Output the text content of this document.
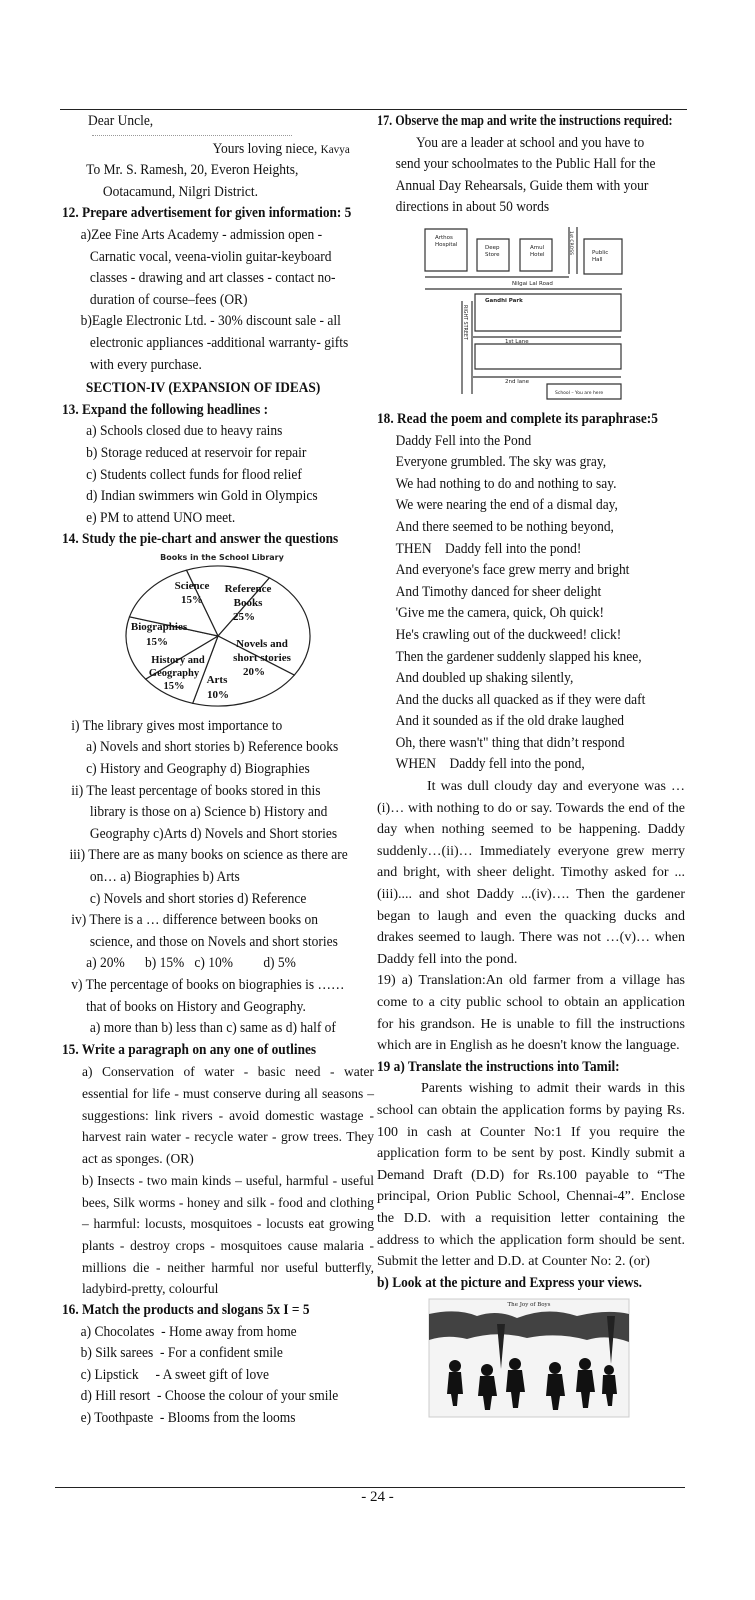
Dear Uncle,
Yours loving niece, Kavya
To Mr. S. Ramesh, 20, Everon Heights,
Ootacamund, Nilgri District.
12. Prepare advertisement for given information: 5
a)Zee Fine Arts Academy - admission open -
Carnatic vocal, veena-violin guitar-keyboard
classes - drawing and art classes - contact no-
duration of course–fees (OR)
b)Eagle Electronic Ltd. - 30% discount sale - all
electronic appliances -additional warranty- gifts
with every purchase.
SECTION-IV (EXPANSION OF IDEAS)
13. Expand the following headlines :
a) Schools closed due to heavy rains
b) Storage reduced at reservoir for repair
c) Students collect funds for flood relief
d) Indian swimmers win Gold in Olympics
e) PM to attend UNO meet.
14. Study the pie-chart and answer the questions
Books in the School Library
Science
15%
Reference
Books
25%
Novels and
short stories
20%
Arts
10%
History and
Geography
15%
Biographies
15%
i) The library gives most importance to
a) Novels and short stories b) Reference books
c) History and Geography d) Biographies
ii) The least percentage of books stored in this
library is those on a) Science b) History and
Geography c)Arts d) Novels and Short stories
iii) There are as many books on science as there are
on… a) Biographies b) Arts
c) Novels and short stories d) Reference
iv) There is a … difference between books on
science, and those on Novels and short stories
a) 20%      b) 15%   c) 10%         d) 5%
v) The percentage of books on biographies is ……
that of books on History and Geography.
a) more than b) less than c) same as d) half of
15. Write a paragraph on any one of outlines
a) Conservation of water - basic need - water essential for life - must conserve during all seasons – suggestions: link rivers - avoid domestic wastage - harvest rain water - recycle water - grow trees. They act as sponges. (OR)
b) Insects - two main kinds – useful, harmful - useful bees, Silk worms - honey and silk - food and clothing – harmful: locusts, mosquitoes - locusts eat growing plants - destroy crops - mosquitoes cause malaria - millions die - neither harmful nor useful butterfly, ladybird-pretty, colourful
16. Match the products and slogans 5x I = 5
a) Chocolates  - Home away from home
b) Silk sarees  - For a confident smile
c) Lipstick     - A sweet gift of love
d) Hill resort  - Choose the colour of your smile
e) Toothpaste  - Blooms from the looms
17. Observe the map and write the instructions required:
You are a leader at school and you have to
send your schoolmates to the Public Hall for the
Annual Day Rehearsals, Guide them with your
directions in about 50 words
Arthos
Hospital	Deep
Store
Amul
Hotel	Public
Hall
1st CROSS
Nilgai Lal Road
Gandhi Park
RIGHT STREET
1st Lane
2nd lane
School – You are here
18. Read the poem and complete its paraphrase:5
Daddy Fell into the Pond
Everyone grumbled. The sky was gray,
We had nothing to do and nothing to say.
We were nearing the end of a dismal day,
And there seemed to be nothing beyond,
THEN    Daddy fell into the pond!
And everyone's face grew merry and bright
And Timothy danced for sheer delight
'Give me the camera, quick, Oh quick!
He's crawling out of the duckweed! click!
Then the gardener suddenly slapped his knee,
And doubled up shaking silently,
And the ducks all quacked as if they were daft
And it sounded as if the old drake laughed
Oh, there wasn't" thing that didn’t respond
WHEN    Daddy fell into the pond,
It was dull cloudy day and everyone was …(i)… with nothing to do or say. Towards the end of the day when nothing seemed to be happening. Daddy suddenly…(ii)… Immediately everyone grew merry and bright, with sheer delight. Timothy asked for ...(iii).... and shot Daddy ...(iv)…. Then the gardener began to laugh and even the quacking ducks and drakes seemed to laugh. There was not …(v)… when Daddy fell into the pond.
19) a) Translation:An old farmer from a village has come to a city public school to obtain an application for his grandson. He is unable to fill the instructions which are in English as he doesn't know the language.
19 a) Translate the instructions into Tamil:
Parents wishing to admit their wards in this school can obtain the application forms by paying Rs. 100 in cash at Counter No:1 If you require the application form to be sent by post. Kindly submit a Demand Draft (D.D) for Rs.100 payable to “The principal, Orion Public School, Chennai-4”. Enclose the D.D. with a requisition letter containing the address to which the application form should be sent. Submit the letter and D.D. at Counter No: 2. (or)
b) Look at the picture and Express your views.
The Joy of Boys
- 24 -
